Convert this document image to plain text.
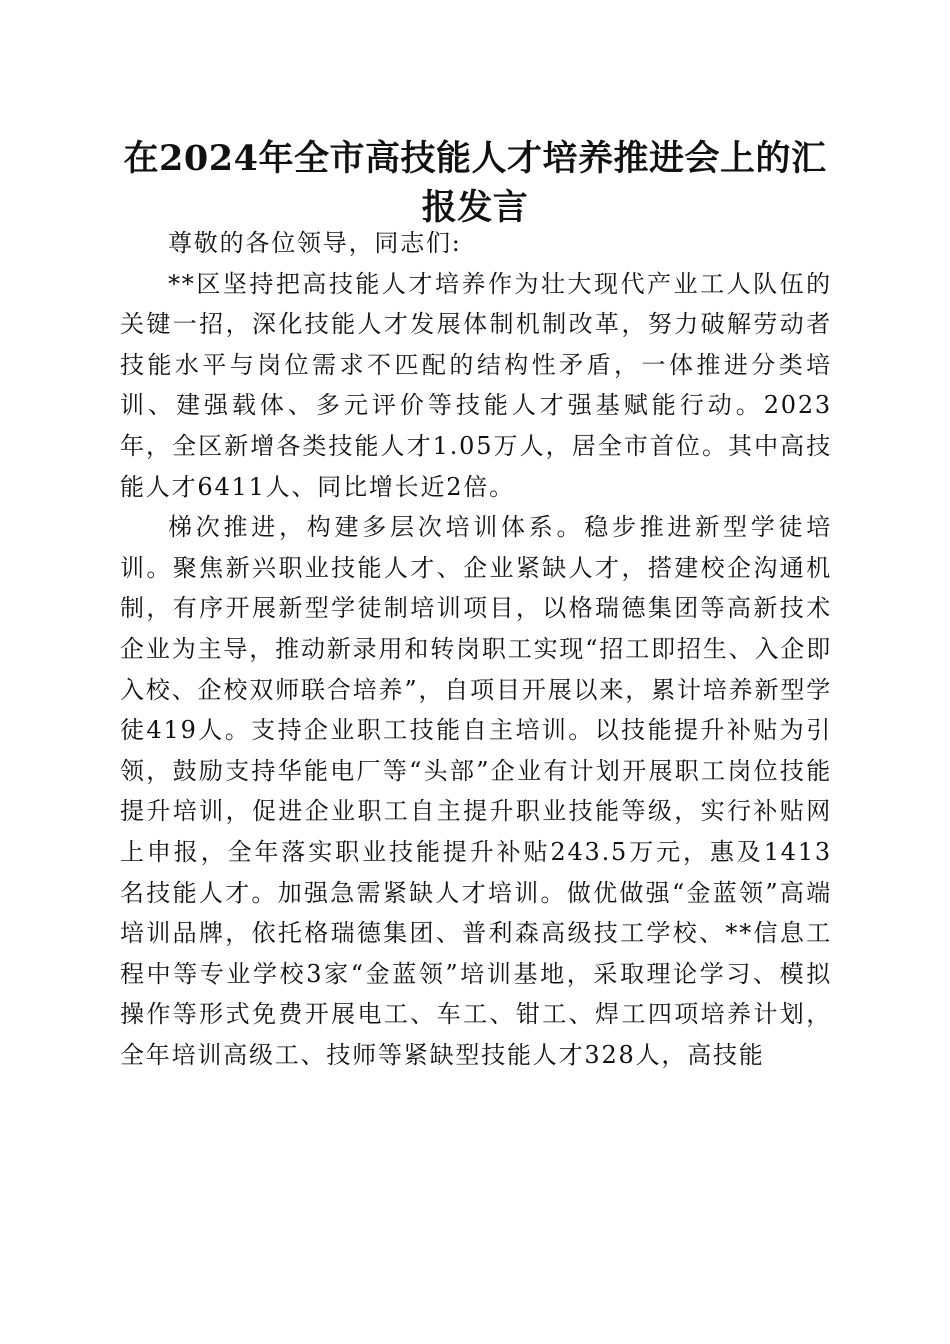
在2024年全市高技能人才培养推进会上的汇报发言

尊敬的各位领导，同志们:

**区坚持把高技能人才培养作为壮大现代产业工人队伍的关键一招，深化技能人才发展体制机制改革，努力破解劳动者技能水平与岗位需求不匹配的结构性矛盾，一体推进分类培训、建强载体、多元评价等技能人才强基赋能行动。2023年，全区新增各类技能人才1.05万人，居全市首位。其中高技能人才6411人、同比增长近2倍。

梯次推进，构建多层次培训体系。稳步推进新型学徒培训。聚焦新兴职业技能人才、企业紧缺人才，搭建校企沟通机制，有序开展新型学徒制培训项目，以格瑞德集团等高新技术企业为主导，推动新录用和转岗职工实现“招工即招生、入企即入校、企校双师联合培养”，自项目开展以来，累计培养新型学徒419人。支持企业职工技能自主培训。以技能提升补贴为引领，鼓励支持华能电厂等“头部”企业有计划开展职工岗位技能提升培训，促进企业职工自主提升职业技能等级，实行补贴网上申报，全年落实职业技能提升补贴243.5万元，惠及1413名技能人才。加强急需紧缺人才培训。做优做强“金蓝领”高端培训品牌，依托格瑞德集团、普利森高级技工学校、**信息工程中等专业学校3家“金蓝领”培训基地，采取理论学习、模拟操作等形式免费开展电工、车工、钳工、焊工四项培养计划，全年培训高级工、技师等紧缺型技能人才328人，高技能
